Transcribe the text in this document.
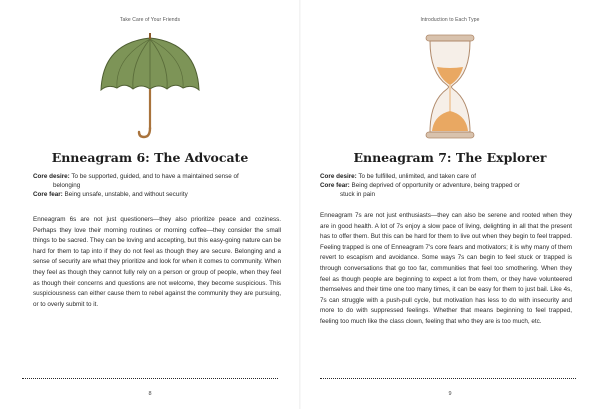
Take Care of Your Friends
Enneagram 6: The Advocate

Core desire: To be supported, guided, and to have a maintained sense of

belonging

Core fear: Being unsafe, unstable, and without security

Enneagram 6s are not just questioners—they also prioritize peace and coziness. Perhaps they love their morning routines or morning coffee—they consider the small things to be sacred. They can be loving and accepting, but this easy-going nature can be hard for them to tap into if they do not feel as though they are secure. Belonging and a sense of security are what they prioritize and look for when it comes to community. When they feel as though they cannot fully rely on a person or group of people, when they feel as though their concerns and questions are not welcome, they become suspicious. This suspiciousness can either cause them to rebel against the community they are pursuing, or to overly submit to it.

8
Introduction to Each Type
Enneagram 7: The Explorer

Core desire: To be fulfilled, unlimited, and taken care of

Core fear: Being deprived of opportunity or adventure, being trapped or

stuck in pain

Enneagram 7s are not just enthusiasts—they can also be serene and rooted when they are in good health. A lot of 7s enjoy a slow pace of living, delighting in all that the present has to offer them. But this can be hard for them to live out when they begin to feel trapped. Feeling trapped is one of Enneagram 7's core fears and motivators; it is why many of them revert to escapism and avoidance. Some ways 7s can begin to feel stuck or trapped is through conversations that go too far, communities that feel too smothering. When they feel as though people are beginning to expect a lot from them, or they have volunteered themselves and their time one too many times, it can be easy for them to just bail. Like 4s, 7s can struggle with a push-pull cycle, but motivation has less to do with insecurity and more to do with suppressed feelings. Whether that means beginning to feel trapped, feeling too much like the class clown, feeling that who they are is too much, etc.

9
